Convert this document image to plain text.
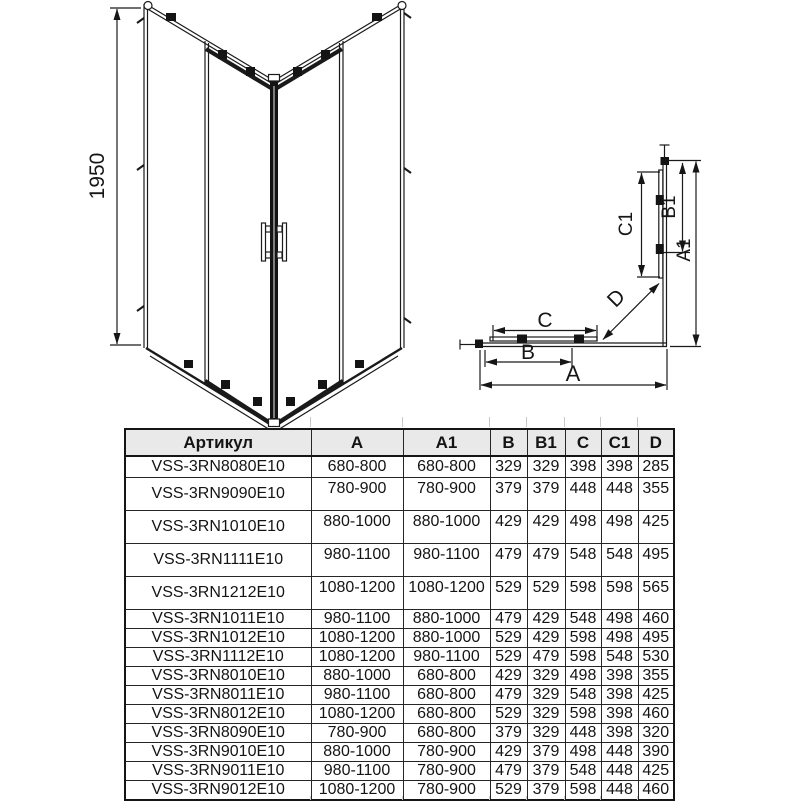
1950
C
B
A
C1
B1
A1
D
Артикул	A	A1	B	B1	C	C1	D
VSS-3RN8080E10	680-800	680-800	329	329	398	398	285
VSS-3RN9090E10	780-900	780-900	379	379	448	448	355
VSS-3RN1010E10	880-1000	880-1000	429	429	498	498	425
VSS-3RN1111E10	980-1100	980-1100	479	479	548	548	495
VSS-3RN1212E10	1080-1200	1080-1200	529	529	598	598	565
VSS-3RN1011E10	980-1100	880-1000	479	429	548	498	460
VSS-3RN1012E10	1080-1200	880-1000	529	429	598	498	495
VSS-3RN1112E10	1080-1200	980-1100	529	479	598	548	530
VSS-3RN8010E10	880-1000	680-800	429	329	498	398	355
VSS-3RN8011E10	980-1100	680-800	479	329	548	398	425
VSS-3RN8012E10	1080-1200	680-800	529	329	598	398	460
VSS-3RN8090E10	780-900	680-800	379	329	448	398	320
VSS-3RN9010E10	880-1000	780-900	429	379	498	448	390
VSS-3RN9011E10	980-1100	780-900	479	379	548	448	425
VSS-3RN9012E10	1080-1200	780-900	529	379	598	448	460
